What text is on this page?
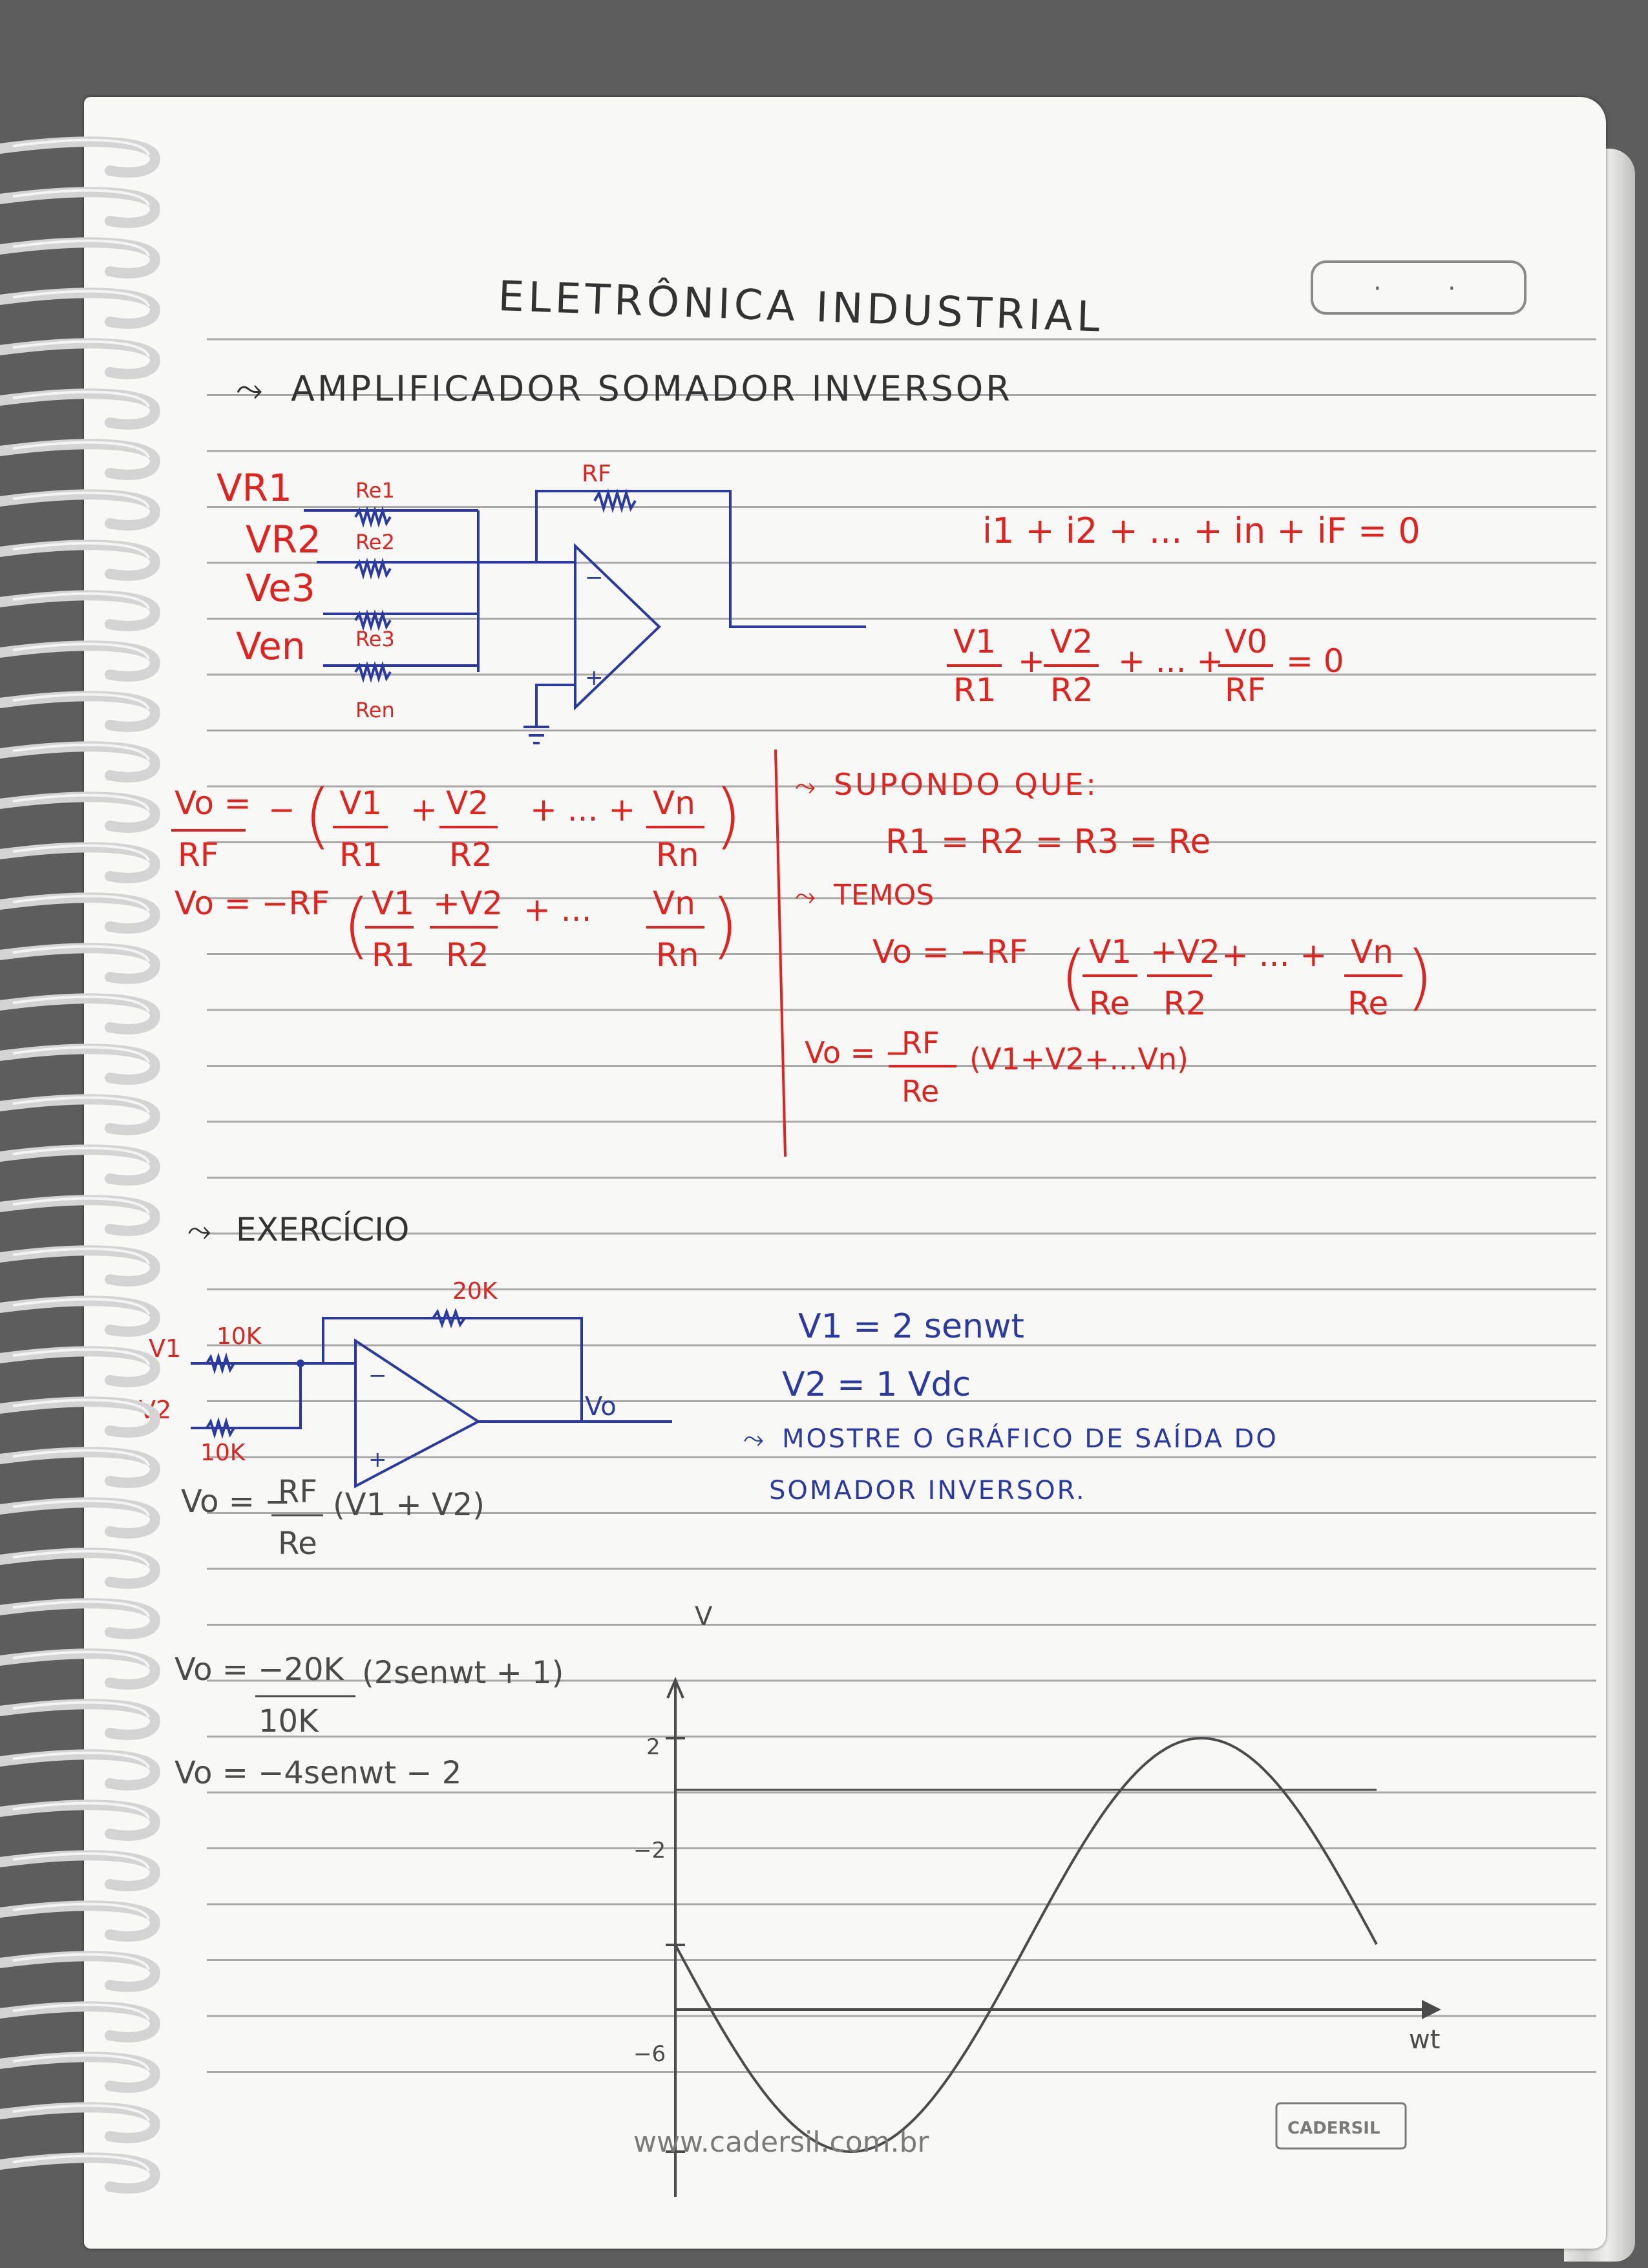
·	·
ELETRÔNICA INDUSTRIAL
⤳ AMPLIFICADOR SOMADOR INVERSOR
VR1
VR2
Ve3
Ven
Re1
Re2
Re3
Ren
RF
−
+
i1 + i2 + ... + in + iF = 0
V1
R1
+
V2
R2
+ ... +
V0
RF
= 0
Vo =
RF
− ( V1
R1
+ V2
R2
+ ... + Vn
Rn )
Vo = −RF ( V1
R1
+V2
R2
+ ... Vn
Rn )
⤳ SUPONDO QUE:
R1 = R2 = R3 = Re
⤳ TEMOS
Vo = −RF ( V1
Re
+V2
R2
+ ... + Vn
Re )
Vo = −
RF
Re
(V1+V2+...Vn)
⤳ EXERCÍCIO
−
+
V1
V2
10K
10K
20K
Vo
V1 = 2 senwt
V2 = 1 Vdc
⤳ MOSTRE O GRÁFICO DE SAÍDA DO
SOMADOR INVERSOR.
Vo = −
RF
Re
(V1 + V2)
Vo = −20K (2senwt + 1)
10K
Vo = −4senwt − 2
V
wt
2
−2
−6
www.cadersil.com.br	CADERSIL
